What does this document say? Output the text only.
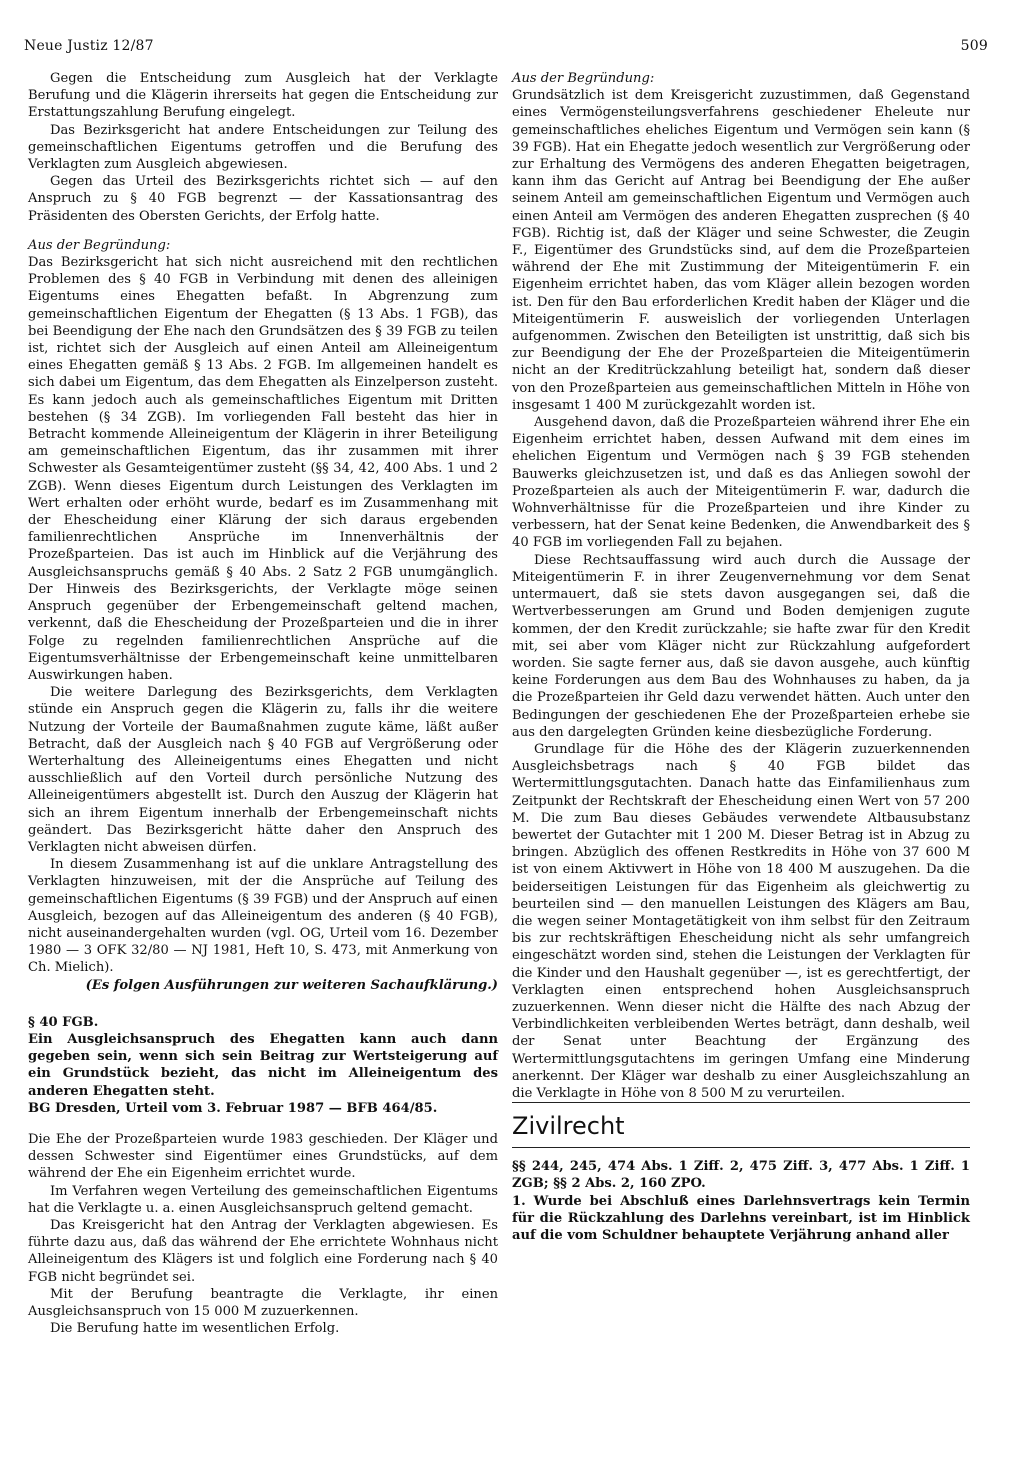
Neue Justiz 12/87	509

Gegen die Entscheidung zum Ausgleich hat der Verklagte Berufung und die Klägerin ihrerseits hat gegen die Entscheidung zur Erstattungszahlung Berufung eingelegt.

Das Bezirksgericht hat andere Entscheidungen zur Teilung des gemeinschaftlichen Eigentums getroffen und die Berufung des Verklagten zum Ausgleich abgewiesen.

Gegen das Urteil des Bezirksgerichts richtet sich — auf den Anspruch zu § 40 FGB begrenzt — der Kassationsantrag des Präsidenten des Obersten Gerichts, der Erfolg hatte.

Aus der Begründung:

Das Bezirksgericht hat sich nicht ausreichend mit den rechtlichen Problemen des § 40 FGB in Verbindung mit denen des alleinigen Eigentums eines Ehegatten befaßt. In Abgrenzung zum gemeinschaftlichen Eigentum der Ehegatten (§ 13 Abs. 1 FGB), das bei Beendigung der Ehe nach den Grundsätzen des § 39 FGB zu teilen ist, richtet sich der Ausgleich auf einen Anteil am Alleineigentum eines Ehegatten gemäß § 13 Abs. 2 FGB. Im allgemeinen handelt es sich dabei um Eigentum, das dem Ehegatten als Einzelperson zusteht. Es kann jedoch auch als gemeinschaftliches Eigentum mit Dritten bestehen (§ 34 ZGB). Im vorliegenden Fall besteht das hier in Betracht kommende Alleineigentum der Klägerin in ihrer Beteiligung am gemeinschaftlichen Eigentum, das ihr zusammen mit ihrer Schwester als Gesamteigentümer zusteht (§§ 34, 42, 400 Abs. 1 und 2 ZGB). Wenn dieses Eigentum durch Leistungen des Verklagten im Wert erhalten oder erhöht wurde, bedarf es im Zusammenhang mit der Ehescheidung einer Klärung der sich daraus ergebenden familienrechtlichen Ansprüche im Innenverhältnis der Prozeßparteien. Das ist auch im Hinblick auf die Verjährung des Ausgleichsanspruchs gemäß § 40 Abs. 2 Satz 2 FGB unumgänglich. Der Hinweis des Bezirksgerichts, der Verklagte möge seinen Anspruch gegenüber der Erbengemeinschaft geltend machen, verkennt, daß die Ehescheidung der Prozeßparteien und die in ihrer Folge zu regelnden familienrechtlichen Ansprüche auf die Eigentumsverhältnisse der Erbengemeinschaft keine unmittelbaren Auswirkungen haben.

Die weitere Darlegung des Bezirksgerichts, dem Verklagten stünde ein Anspruch gegen die Klägerin zu, falls ihr die weitere Nutzung der Vorteile der Baumaßnahmen zugute käme, läßt außer Betracht, daß der Ausgleich nach § 40 FGB auf Vergrößerung oder Werterhaltung des Alleineigentums eines Ehegatten und nicht ausschließlich auf den Vorteil durch persönliche Nutzung des Alleineigentümers abgestellt ist. Durch den Auszug der Klägerin hat sich an ihrem Eigentum innerhalb der Erbengemeinschaft nichts geändert. Das Bezirksgericht hätte daher den Anspruch des Verklagten nicht abweisen dürfen.

In diesem Zusammenhang ist auf die unklare Antragstellung des Verklagten hinzuweisen, mit der die Ansprüche auf Teilung des gemeinschaftlichen Eigentums (§ 39 FGB) und der Anspruch auf einen Ausgleich, bezogen auf das Alleineigentum des anderen (§ 40 FGB), nicht auseinandergehalten wurden (vgl. OG, Urteil vom 16. Dezember 1980 — 3 OFK 32/80 — NJ 1981, Heft 10, S. 473, mit Anmerkung von Ch. Mielich).

(Es folgen Ausführungen zur weiteren Sachaufklärung.)

§ 40 FGB.

Ein Ausgleichsanspruch des Ehegatten kann auch dann gegeben sein, wenn sich sein Beitrag zur Wertsteigerung auf ein Grundstück bezieht, das nicht im Alleineigentum des anderen Ehegatten steht.

BG Dresden, Urteil vom 3. Februar 1987 — BFB 464/85.

Die Ehe der Prozeßparteien wurde 1983 geschieden. Der Kläger und dessen Schwester sind Eigentümer eines Grundstücks, auf dem während der Ehe ein Eigenheim errichtet wurde.

Im Verfahren wegen Verteilung des gemeinschaftlichen Eigentums hat die Verklagte u. a. einen Ausgleichsanspruch geltend gemacht.

Das Kreisgericht hat den Antrag der Verklagten abgewiesen. Es führte dazu aus, daß das während der Ehe errichtete Wohnhaus nicht Alleineigentum des Klägers ist und folglich eine Forderung nach § 40 FGB nicht begründet sei.

Mit der Berufung beantragte die Verklagte, ihr einen Ausgleichsanspruch von 15 000 M zuzuerkennen.

Die Berufung hatte im wesentlichen Erfolg.

Aus der Begründung:

Grundsätzlich ist dem Kreisgericht zuzustimmen, daß Gegenstand eines Vermögensteilungsverfahrens geschiedener Eheleute nur gemeinschaftliches eheliches Eigentum und Vermögen sein kann (§ 39 FGB). Hat ein Ehegatte jedoch wesentlich zur Vergrößerung oder zur Erhaltung des Vermögens des anderen Ehegatten beigetragen, kann ihm das Gericht auf Antrag bei Beendigung der Ehe außer seinem Anteil am gemeinschaftlichen Eigentum und Vermögen auch einen Anteil am Vermögen des anderen Ehegatten zusprechen (§ 40 FGB). Richtig ist, daß der Kläger und seine Schwester, die Zeugin F., Eigentümer des Grundstücks sind, auf dem die Prozeßparteien während der Ehe mit Zustimmung der Miteigentümerin F. ein Eigenheim errichtet haben, das vom Kläger allein bezogen worden ist. Den für den Bau erforderlichen Kredit haben der Kläger und die Miteigentümerin F. ausweislich der vorliegenden Unterlagen aufgenommen. Zwischen den Beteiligten ist unstrittig, daß sich bis zur Beendigung der Ehe der Prozeßparteien die Miteigentümerin nicht an der Kreditrückzahlung beteiligt hat, sondern daß dieser von den Prozeßparteien aus gemeinschaftlichen Mitteln in Höhe von insgesamt 1 400 M zurückgezahlt worden ist.

Ausgehend davon, daß die Prozeßparteien während ihrer Ehe ein Eigenheim errichtet haben, dessen Aufwand mit dem eines im ehelichen Eigentum und Vermögen nach § 39 FGB stehenden Bauwerks gleichzusetzen ist, und daß es das Anliegen sowohl der Prozeßparteien als auch der Miteigentümerin F. war, dadurch die Wohnverhältnisse für die Prozeßparteien und ihre Kinder zu verbessern, hat der Senat keine Bedenken, die Anwendbarkeit des § 40 FGB im vorliegenden Fall zu bejahen.

Diese Rechtsauffassung wird auch durch die Aussage der Miteigentümerin F. in ihrer Zeugenvernehmung vor dem Senat untermauert, daß sie stets davon ausgegangen sei, daß die Wertverbesserungen am Grund und Boden demjenigen zugute kommen, der den Kredit zurückzahle; sie hafte zwar für den Kredit mit, sei aber vom Kläger nicht zur Rückzahlung aufgefordert worden. Sie sagte ferner aus, daß sie davon ausgehe, auch künftig keine Forderungen aus dem Bau des Wohnhauses zu haben, da ja die Prozeßparteien ihr Geld dazu verwendet hätten. Auch unter den Bedingungen der geschiedenen Ehe der Prozeßparteien erhebe sie aus den dargelegten Gründen keine diesbezügliche Forderung.

Grundlage für die Höhe des der Klägerin zuzuerkennenden Ausgleichsbetrags nach § 40 FGB bildet das Wertermittlungsgutachten. Danach hatte das Einfamilienhaus zum Zeitpunkt der Rechtskraft der Ehescheidung einen Wert von 57 200 M. Die zum Bau dieses Gebäudes verwendete Altbausubstanz bewertet der Gutachter mit 1 200 M. Dieser Betrag ist in Abzug zu bringen. Abzüglich des offenen Restkredits in Höhe von 37 600 M ist von einem Aktivwert in Höhe von 18 400 M auszugehen. Da die beiderseitigen Leistungen für das Eigenheim als gleichwertig zu beurteilen sind — den manuellen Leistungen des Klägers am Bau, die wegen seiner Montagetätigkeit von ihm selbst für den Zeitraum bis zur rechtskräftigen Ehescheidung nicht als sehr umfangreich eingeschätzt worden sind, stehen die Leistungen der Verklagten für die Kinder und den Haushalt gegenüber —, ist es gerechtfertigt, der Verklagten einen entsprechend hohen Ausgleichsanspruch zuzuerkennen. Wenn dieser nicht die Hälfte des nach Abzug der Verbindlichkeiten verbleibenden Wertes beträgt, dann deshalb, weil der Senat unter Beachtung der Ergänzung des Wertermittlungsgutachtens im geringen Umfang eine Minderung anerkennt. Der Kläger war deshalb zu einer Ausgleichszahlung an die Verklagte in Höhe von 8 500 M zu verurteilen.

Zivilrecht

§§ 244, 245, 474 Abs. 1 Ziff. 2, 475 Ziff. 3, 477 Abs. 1 Ziff. 1 ZGB; §§ 2 Abs. 2, 160 ZPO.

1. Wurde bei Abschluß eines Darlehnsvertrags kein Termin für die Rückzahlung des Darlehns vereinbart, ist im Hinblick auf die vom Schuldner behauptete Verjährung anhand aller
